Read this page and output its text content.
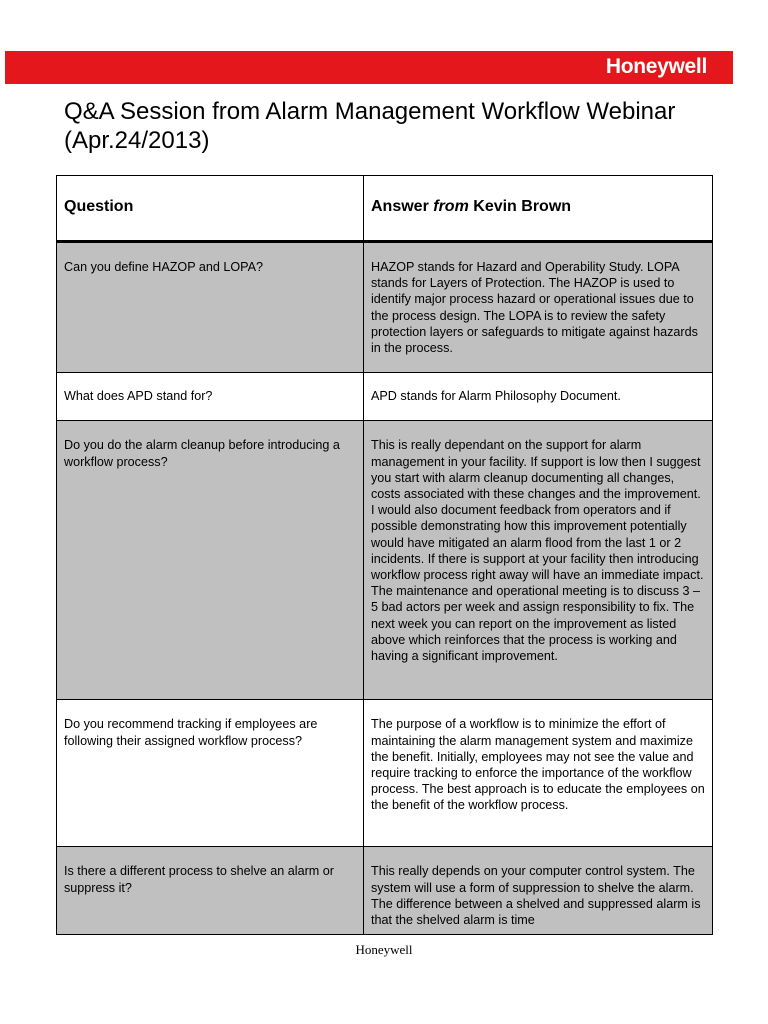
Honeywell
Q&A Session from Alarm Management Workflow Webinar (Apr.24/2013)
Question	Answer from Kevin Brown
Can you define HAZOP and LOPA?	HAZOP stands for Hazard and Operability Study. LOPA stands for Layers of Protection. The HAZOP is used to identify major process hazard or operational issues due to the process design. The LOPA is to review the safety protection layers or safeguards to mitigate against hazards in the process.
What does APD stand for?	APD stands for Alarm Philosophy Document.
Do you do the alarm cleanup before introducing a workflow process?	This is really dependant on the support for alarm management in your facility. If support is low then I suggest you start with alarm cleanup documenting all changes, costs associated with these changes and the improvement. I would also document feedback from operators and if possible demonstrating how this improvement potentially would have mitigated an alarm flood from the last 1 or 2 incidents. If there is support at your facility then introducing workflow process right away will have an immediate impact. The maintenance and operational meeting is to discuss 3 – 5 bad actors per week and assign responsibility to fix. The next week you can report on the improvement as listed above which reinforces that the process is working and having a significant improvement.
Do you recommend tracking if employees are following their assigned workflow process?	The purpose of a workflow is to minimize the effort of maintaining the alarm management system and maximize the benefit. Initially, employees may not see the value and require tracking to enforce the importance of the workflow process. The best approach is to educate the employees on the benefit of the workflow process.
Is there a different process to shelve an alarm or suppress it?	This really depends on your computer control system. The system will use a form of suppression to shelve the alarm. The difference between a shelved and suppressed alarm is that the shelved alarm is time
Honeywell
